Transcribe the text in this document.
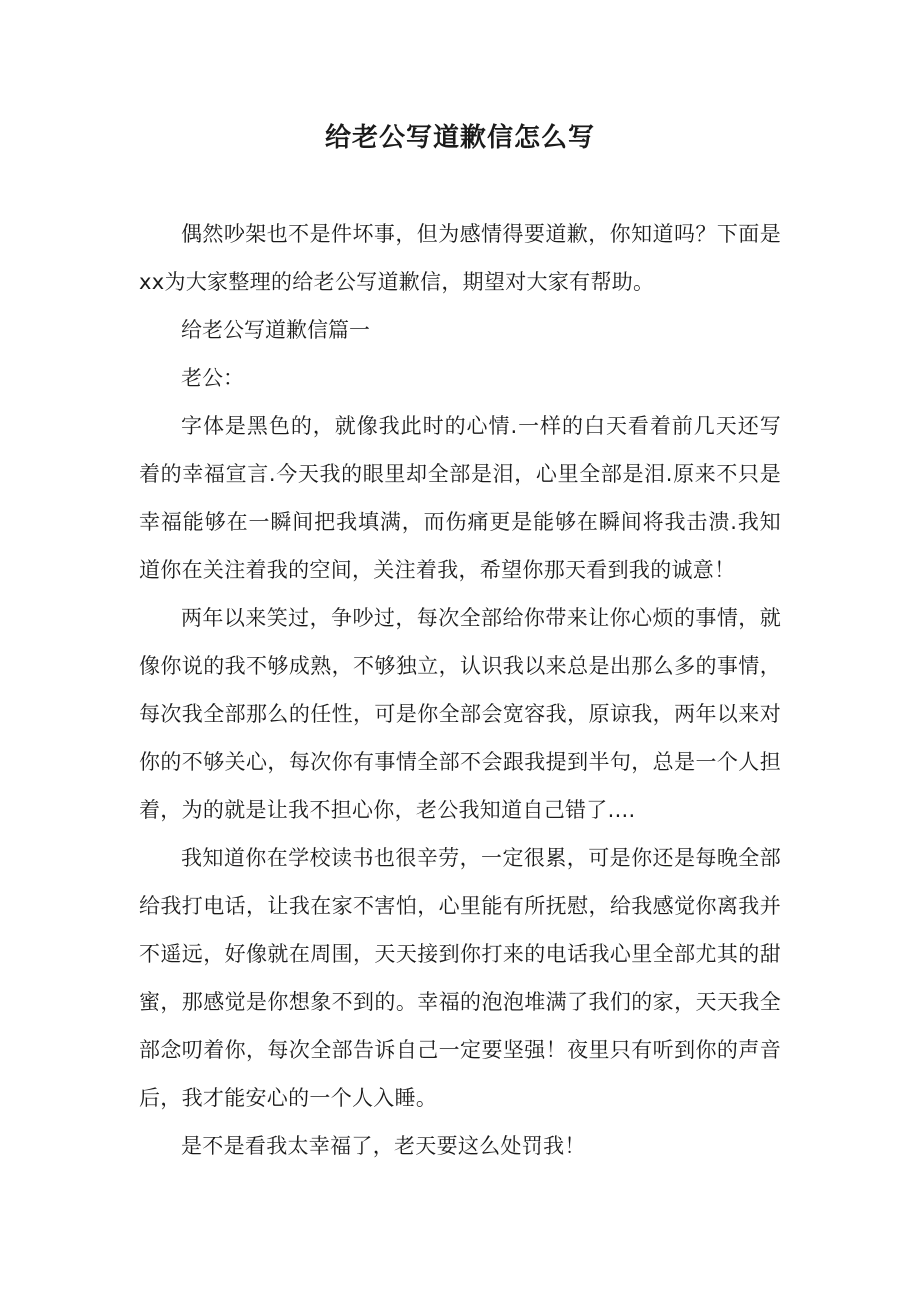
给老公写道歉信怎么写

偶然吵架也不是件坏事，但为感情得要道歉，你知道吗？下面是xx为大家整理的给老公写道歉信，期望对大家有帮助。

给老公写道歉信篇一

老公：

字体是黑色的，就像我此时的心情.一样的白天看着前几天还写着的幸福宣言.今天我的眼里却全部是泪，心里全部是泪.原来不只是幸福能够在一瞬间把我填满，而伤痛更是能够在瞬间将我击溃.我知道你在关注着我的空间，关注着我，希望你那天看到我的诚意！

两年以来笑过，争吵过，每次全部给你带来让你心烦的事情，就像你说的我不够成熟，不够独立，认识我以来总是出那么多的事情，每次我全部那么的任性，可是你全部会宽容我，原谅我，两年以来对你的不够关心，每次你有事情全部不会跟我提到半句，总是一个人担着，为的就是让我不担心你，老公我知道自己错了....

我知道你在学校读书也很辛劳，一定很累，可是你还是每晚全部给我打电话，让我在家不害怕，心里能有所抚慰，给我感觉你离我并不遥远，好像就在周围，天天接到你打来的电话我心里全部尤其的甜蜜，那感觉是你想象不到的。幸福的泡泡堆满了我们的家，天天我全部念叨着你，每次全部告诉自己一定要坚强！夜里只有听到你的声音后，我才能安心的一个人入睡。

是不是看我太幸福了，老天要这么处罚我！
